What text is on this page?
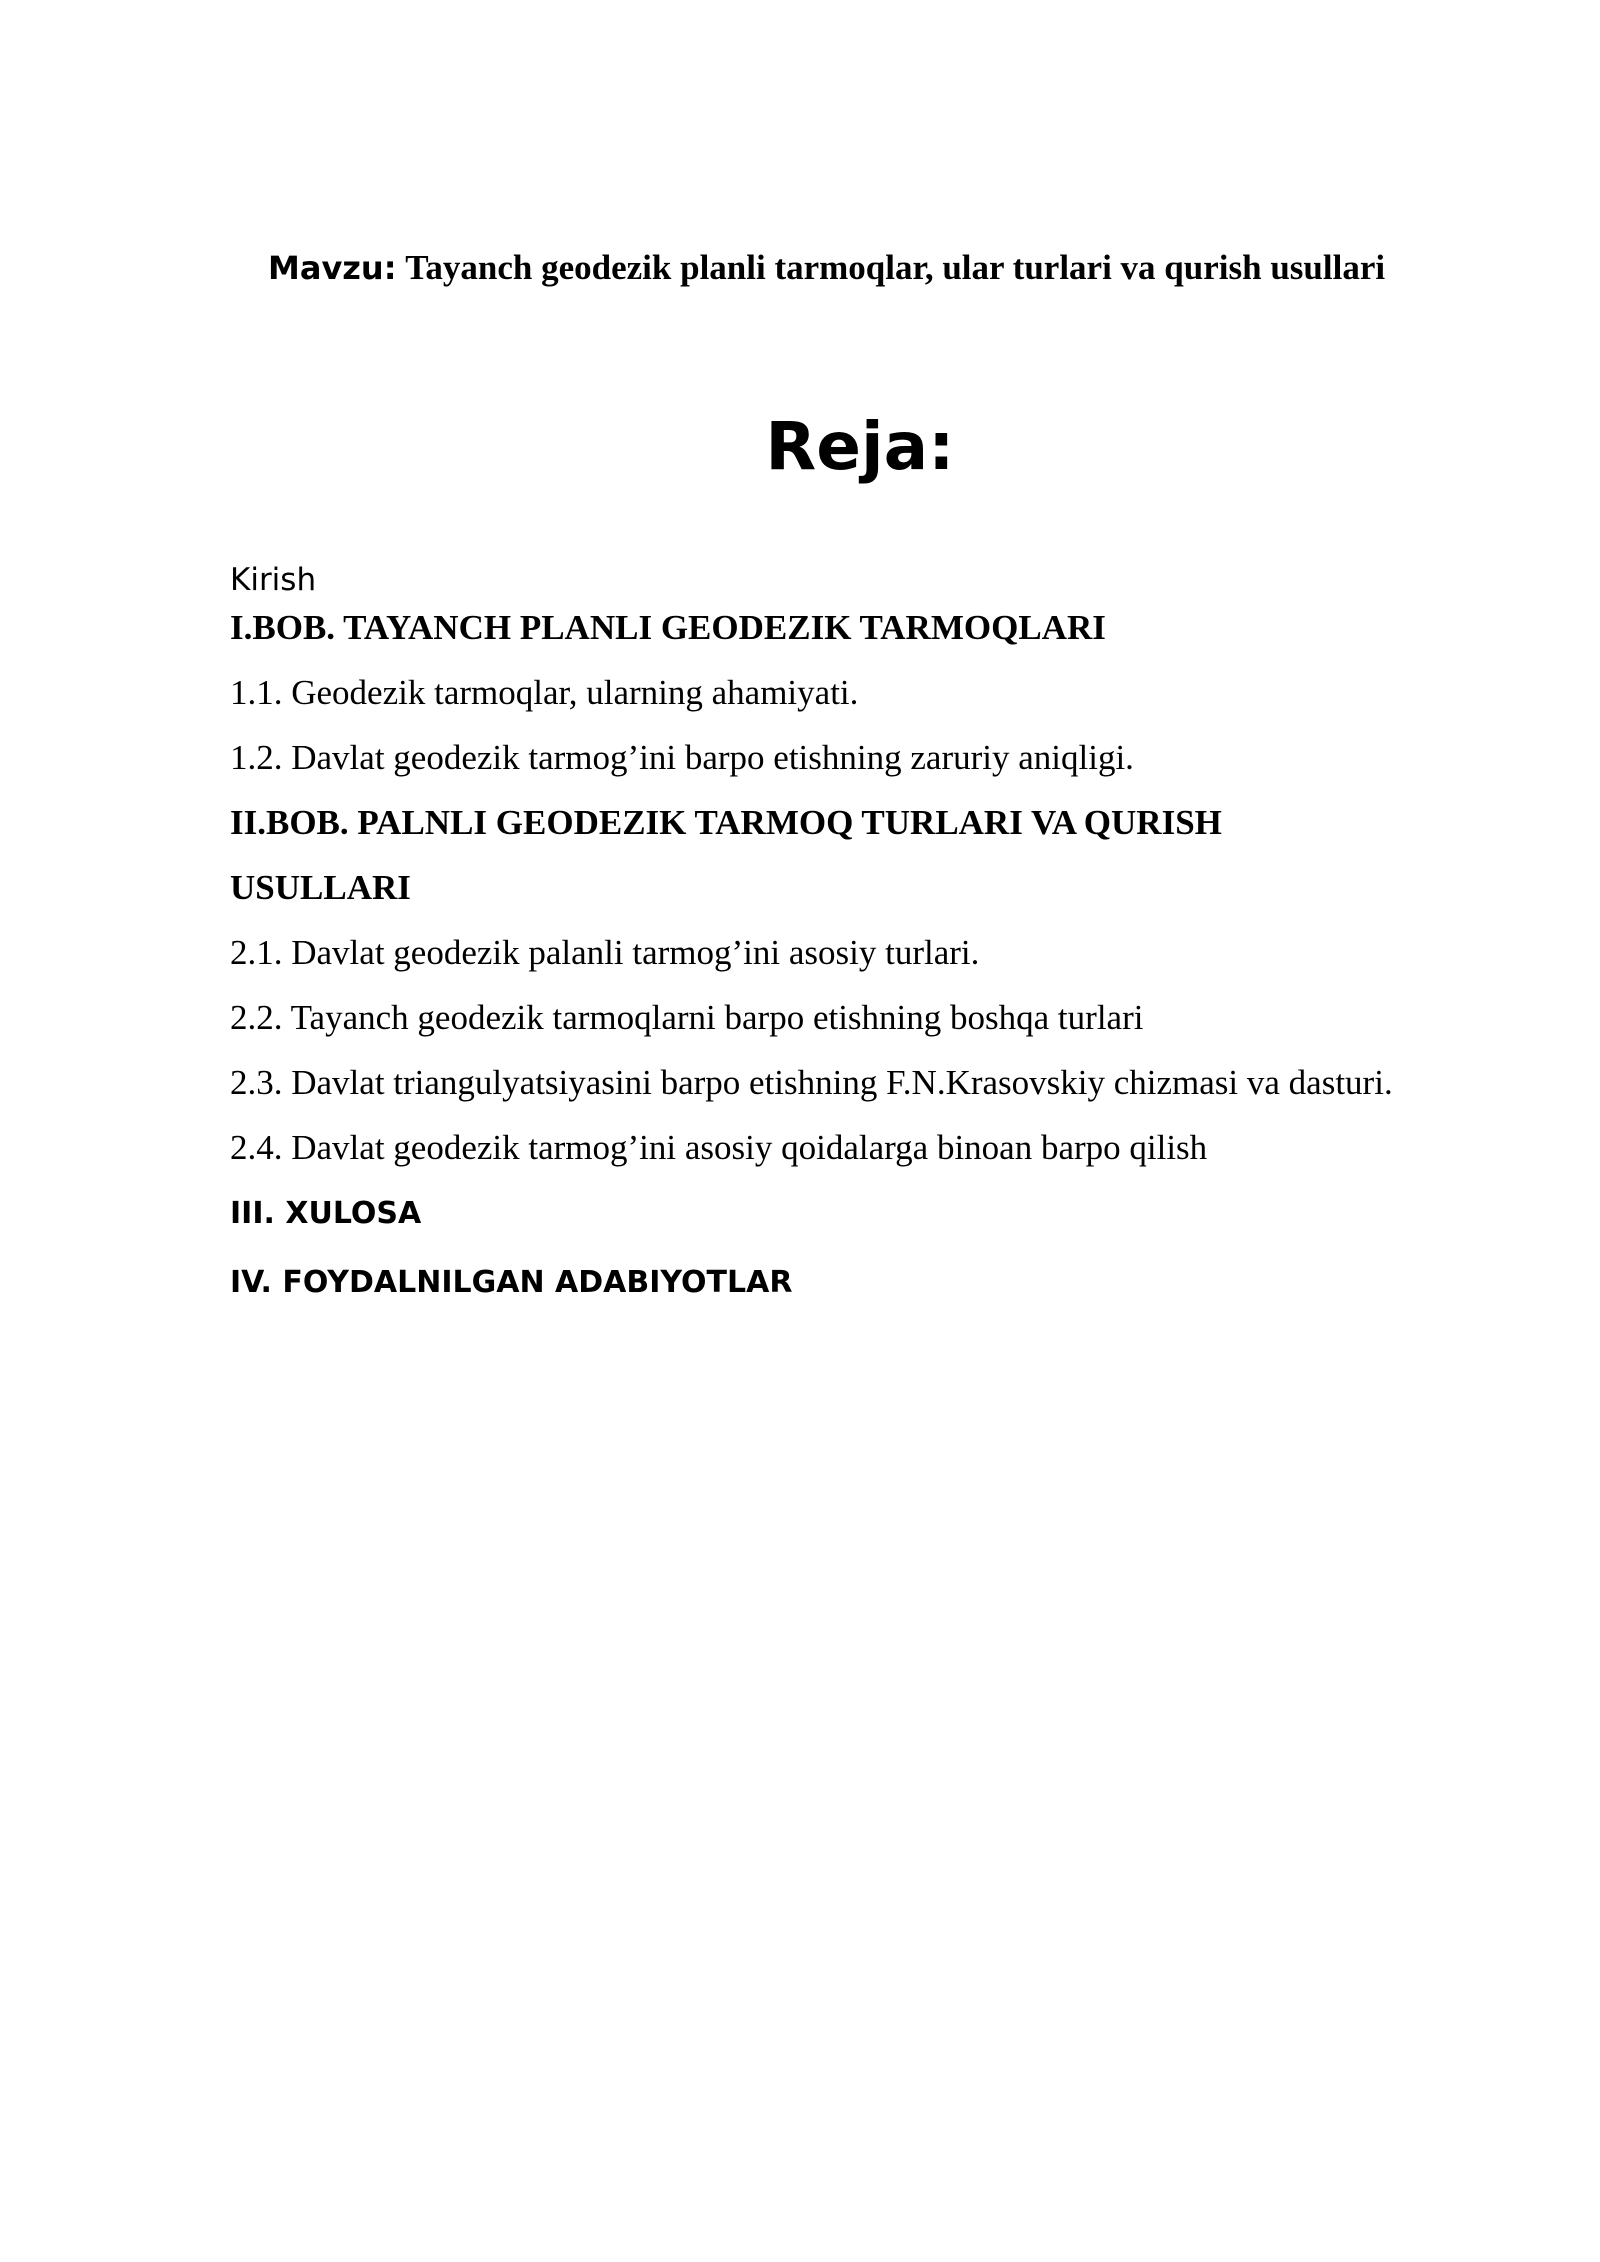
Mavzu: Tayanch geodezik planli tarmoqlar, ular turlari va qurish usullari
Reja:
Kirish
I.BOB. TAYANCH PLANLI GEODEZIK TARMOQLARI
1.1. Geodezik tarmoqlar, ularning ahamiyati.
1.2. Davlat geodezik tarmog’ini barpo etishning zaruriy aniqligi.
II.BOB. PALNLI GEODEZIK TARMOQ TURLARI VA QURISH
USULLARI
2.1. Davlat geodezik palanli tarmog’ini asosiy turlari.
2.2. Tayanch geodezik tarmoqlarni barpo etishning boshqa turlari
2.3. Davlat triangulyatsiyasini barpo etishning F.N.Krasovskiy chizmasi va dasturi.
2.4. Davlat geodezik tarmog’ini asosiy qoidalarga binoan barpo qilish
III. XULOSA
IV. FOYDALNILGAN ADABIYOTLAR
